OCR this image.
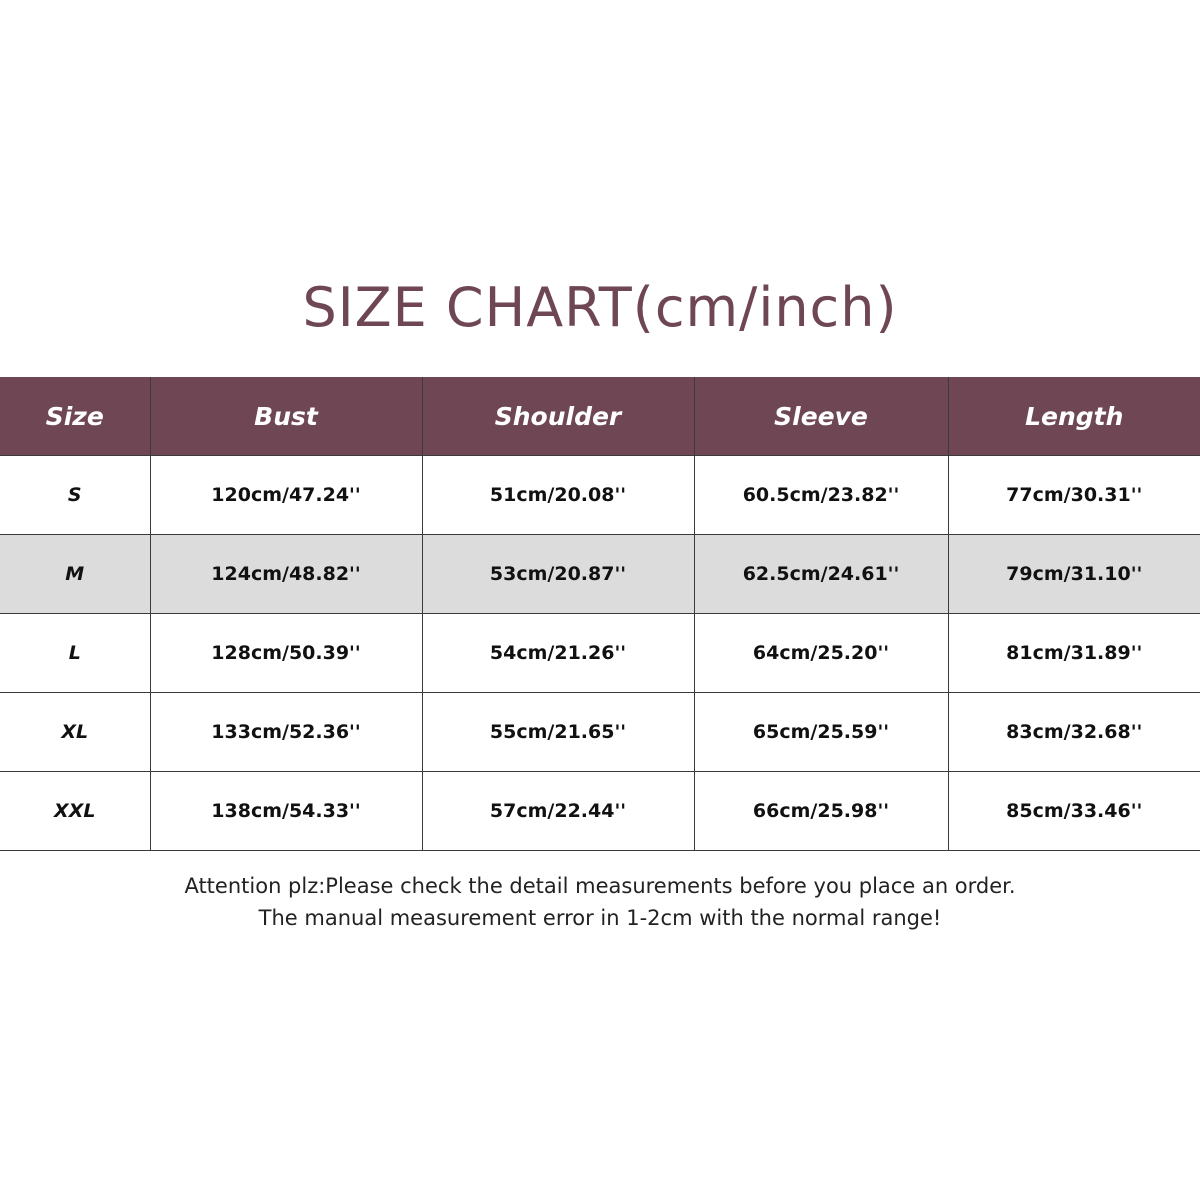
SIZE CHART(cm/inch)
Size	Bust	Shoulder	Sleeve	Length
S	120cm/47.24''	51cm/20.08''	60.5cm/23.82''	77cm/30.31''
M	124cm/48.82''	53cm/20.87''	62.5cm/24.61''	79cm/31.10''
L	128cm/50.39''	54cm/21.26''	64cm/25.20''	81cm/31.89''
XL	133cm/52.36''	55cm/21.65''	65cm/25.59''	83cm/32.68''
XXL	138cm/54.33''	57cm/22.44''	66cm/25.98''	85cm/33.46''
Attention plz:Please check the detail measurements before you place an order.
The manual measurement error in 1-2cm with the normal range!
